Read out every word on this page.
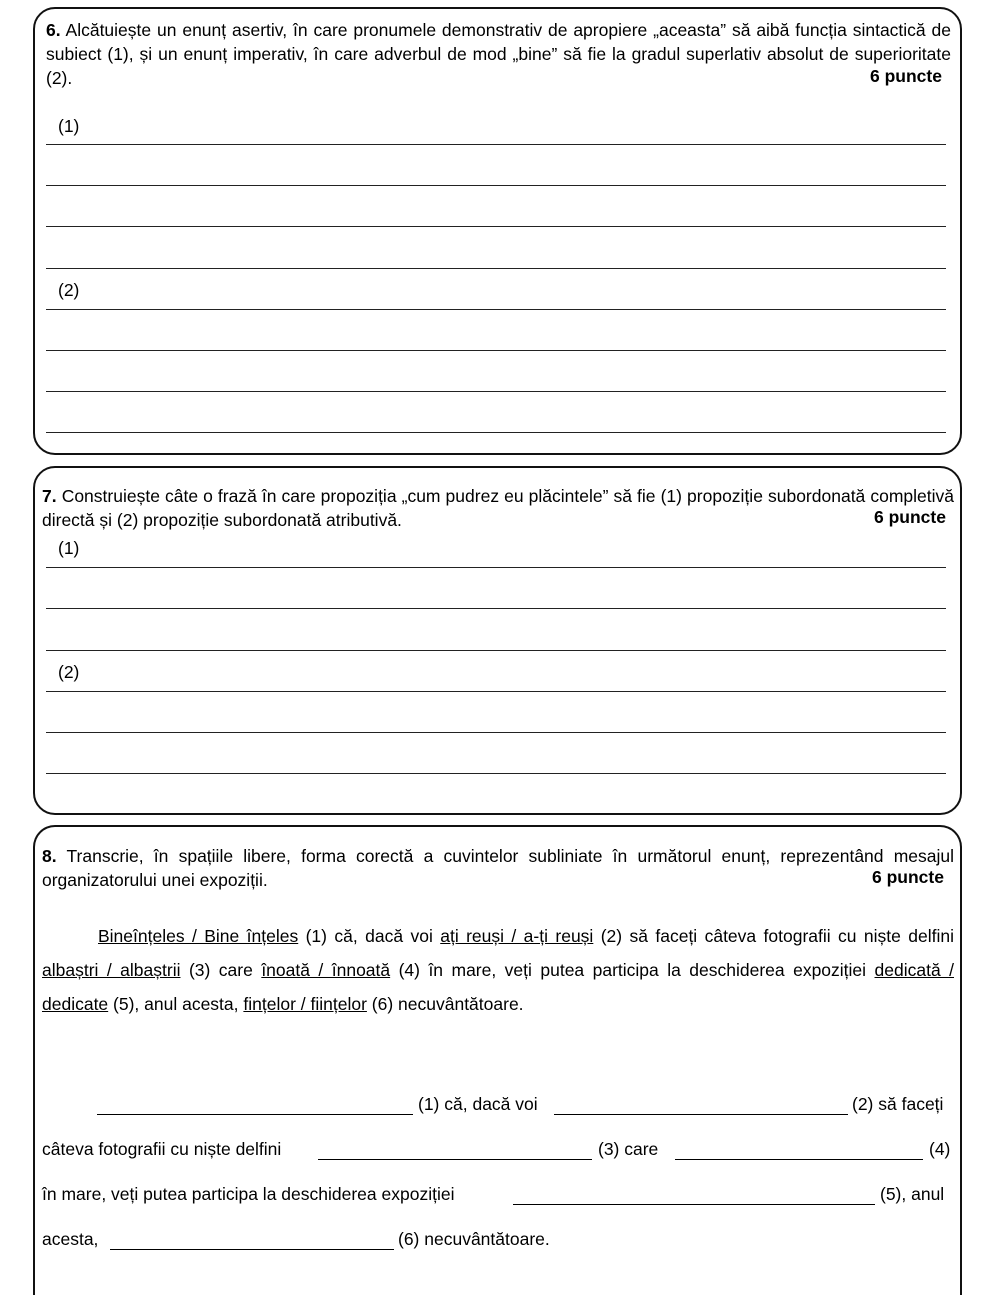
6. Alcătuiește un enunț asertiv, în care pronumele demonstrativ de apropiere „aceasta” să aibă funcția sintactică de subiect (1), și un enunț imperativ, în care adverbul de mod „bine” să fie la gradul superlativ absolut de superioritate (2).	6 puncte
(1)
(2)
7. Construiește câte o frază în care propoziția „cum pudrez eu plăcintele” să fie (1) propoziție subordonată completivă directă și (2) propoziție subordonată atributivă.	6 puncte
(1)
(2)
8. Transcrie, în spațiile libere, forma corectă a cuvintelor subliniate în următorul enunț, reprezentând mesajul organizatorului unei expoziții.	6 puncte
Bineînțeles / Bine înțeles (1) că, dacă voi ați reuși / a-ți reuși (2) să faceți câteva fotografii cu niște delfini albaștri / albaștrii (3) care înoată / înnoată (4) în mare, veți putea participa la deschiderea expoziției dedicată / dedicate (5), anul acesta, fințelor / ființelor (6) necuvântătoare.
(1) că, dacă voi	(2) să faceți
câteva fotografii cu niște delfini	(3) care	(4)
în mare, veți putea participa la deschiderea expoziției	(5), anul
acesta,	(6) necuvântătoare.
